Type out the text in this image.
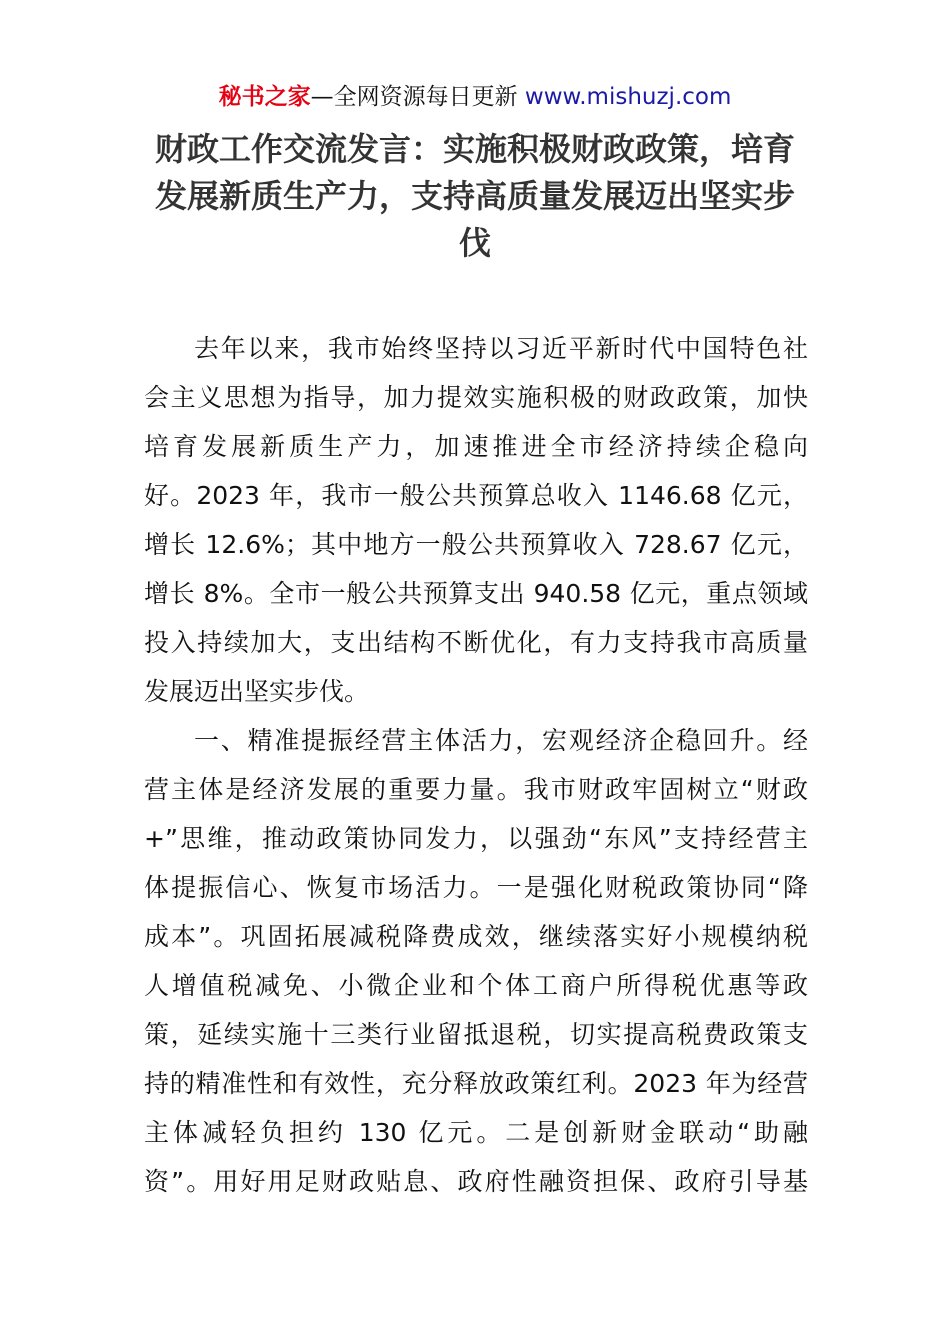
秘书之家—全网资源每日更新 www.mishuzj.com
财政工作交流发言：实施积极财政政策，培育
发展新质生产力，支持高质量发展迈出坚实步
伐
去年以来，我市始终坚持以习近平新时代中国特色社
会主义思想为指导，加力提效实施积极的财政政策，加快
培育发展新质生产力，加速推进全市经济持续企稳向
好。2023 年，我市一般公共预算总收入 1146.68 亿元，
增长 12.6%；其中地方一般公共预算收入 728.67 亿元，
增长 8%。全市一般公共预算支出 940.58 亿元，重点领域
投入持续加大，支出结构不断优化，有力支持我市高质量
发展迈出坚实步伐。
一、精准提振经营主体活力，宏观经济企稳回升。经
营主体是经济发展的重要力量。我市财政牢固树立“财政
+”思维，推动政策协同发力，以强劲“东风”支持经营主
体提振信心、恢复市场活力。一是强化财税政策协同“降
成本”。巩固拓展减税降费成效，继续落实好小规模纳税
人增值税减免、小微企业和个体工商户所得税优惠等政
策，延续实施十三类行业留抵退税，切实提高税费政策支
持的精准性和有效性，充分释放政策红利。2023 年为经营
主体减轻负担约 130 亿元。二是创新财金联动“助融
资”。用好用足财政贴息、政府性融资担保、政府引导基
